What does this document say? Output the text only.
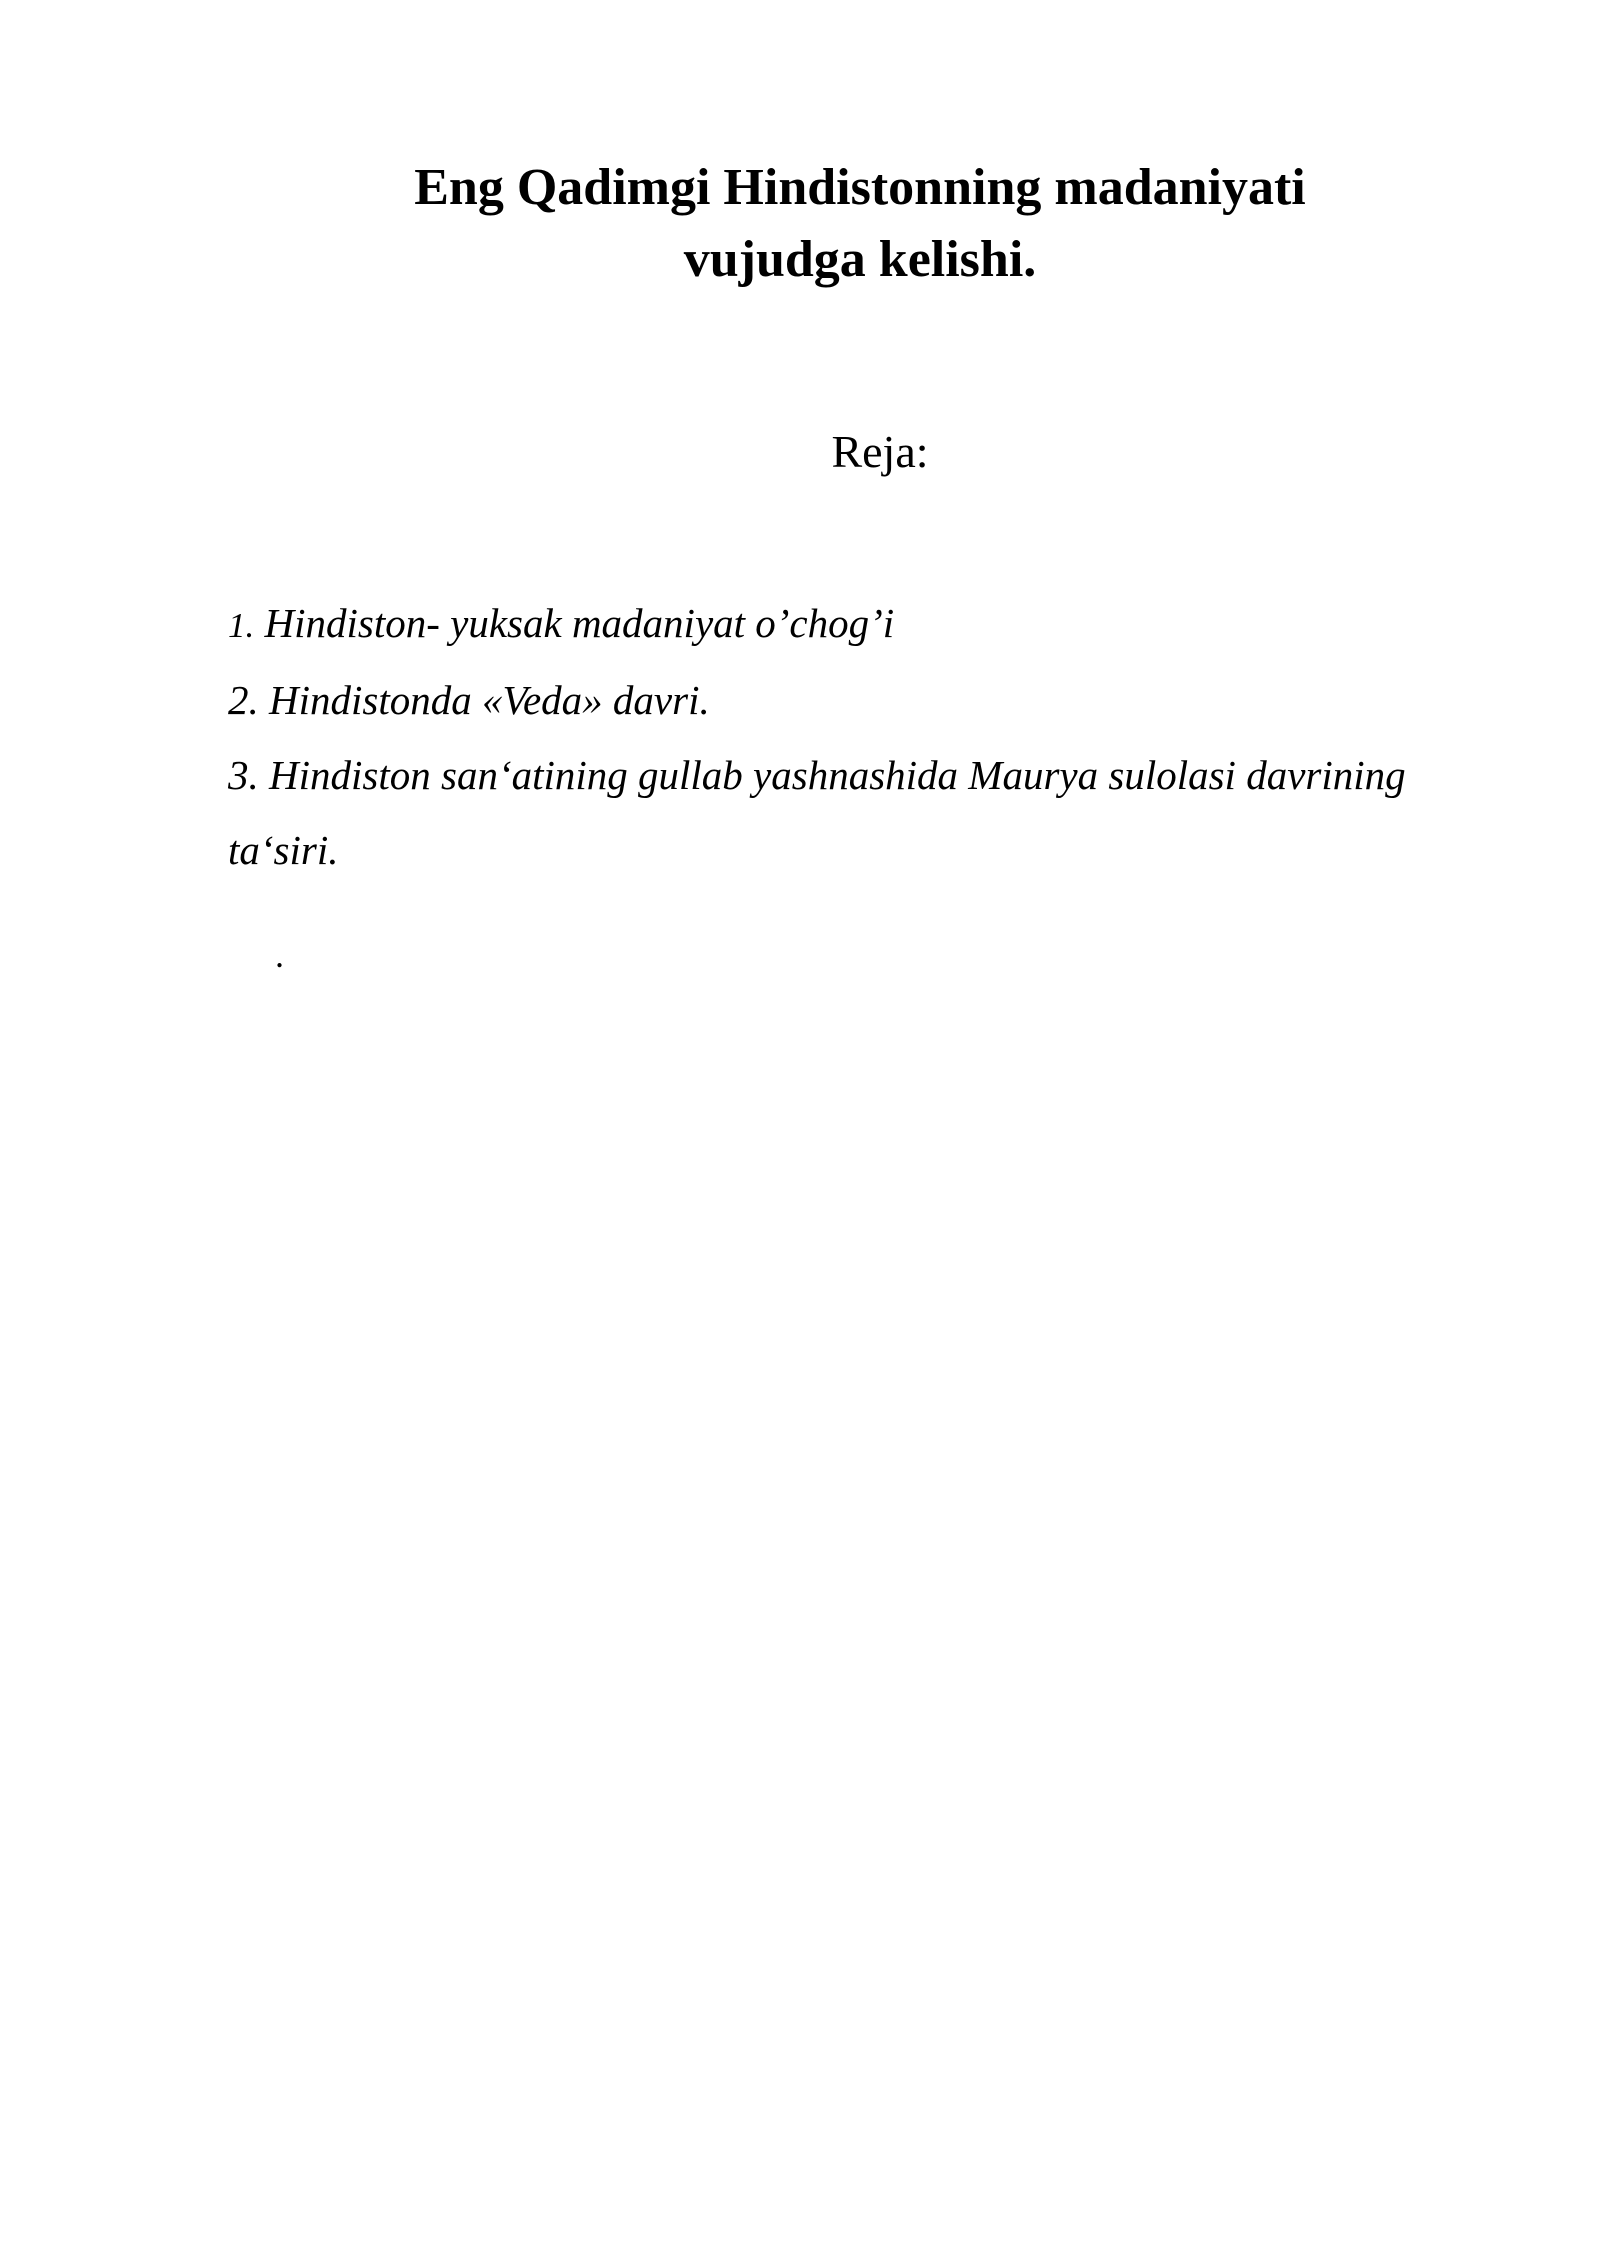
Eng Qadimgi Hindistonning madaniyati
vujudga kelishi.
Reja:
1. Hindiston- yuksak madaniyat o’chog’i
2. Hindistonda «Veda» davri.
3. Hindiston san‘atining gullab yashnashida Maurya sulolasi davrining ta‘siri.
.
